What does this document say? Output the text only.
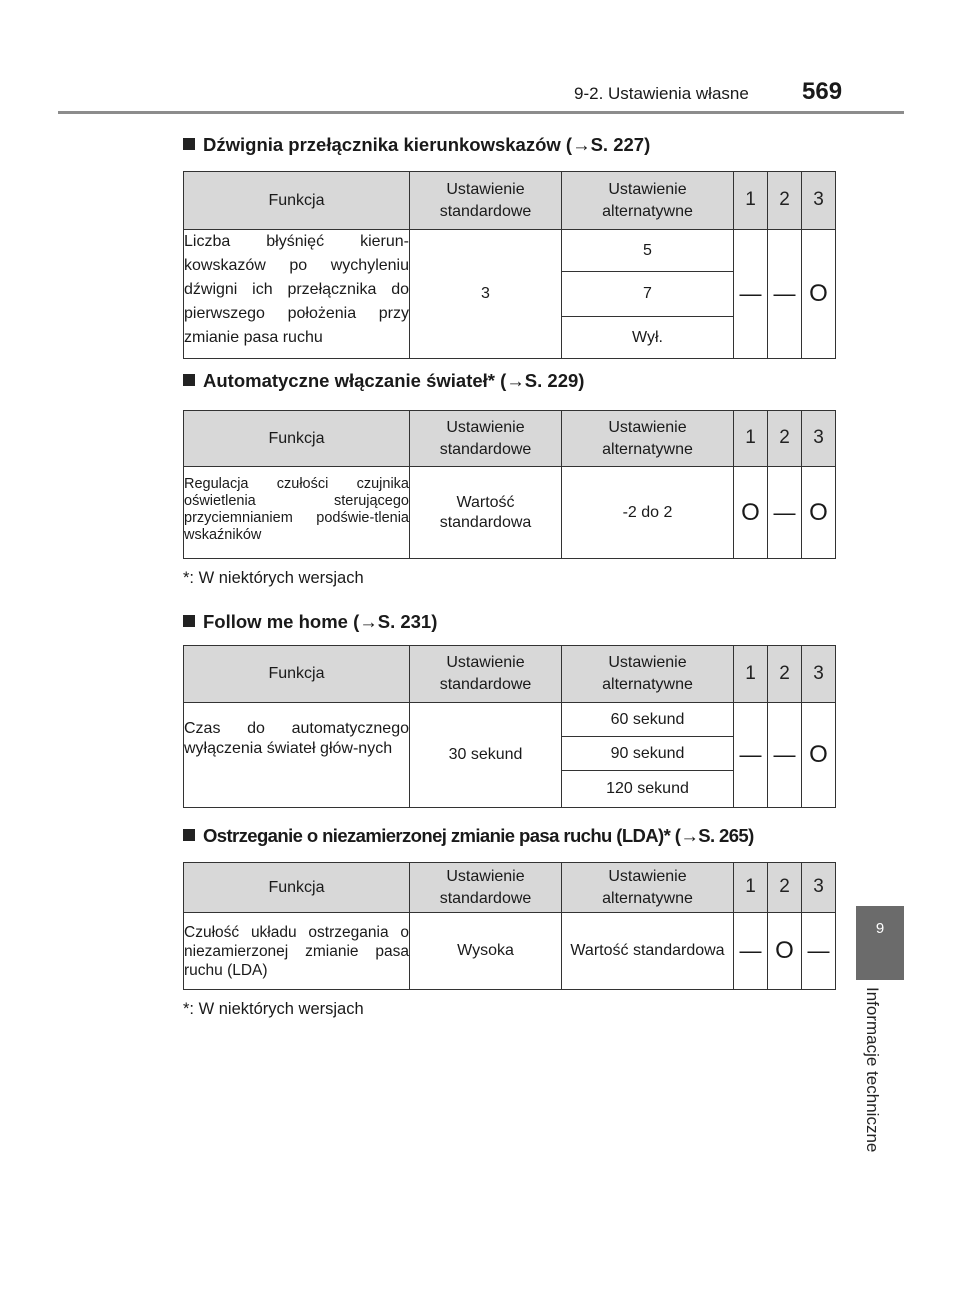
9-2. Ustawienia własne 569
9
Informacje techniczne
Dźwignia przełącznika kierunkowskazów (→S. 227)
Funkcja	Ustawienie standardowe	Ustawienie alternatywne	1	2	3
Liczba błyśnięć kierun-kowskazów po wychyleniu dźwigni ich przełącznika do pierwszego położenia przy zmianie pasa ruchu	3	5	—	—	O
		7			
		Wył.			
Automatyczne włączanie świateł* (→S. 229)
Funkcja	Ustawienie standardowe	Ustawienie alternatywne	1	2	3
Regulacja czułości czujnika oświetlenia sterującego przyciemnianiem podświe-tlenia wskaźników	Wartość standardowa	-2 do 2	O	—	O
*: W niektórych wersjach
Follow me home (→S. 231)
Funkcja	Ustawienie standardowe	Ustawienie alternatywne	1	2	3
Czas do automatycznego wyłączenia świateł głów-nych	30 sekund	60 sekund	—	—	O
		90 sekund			
		120 sekund			
Ostrzeganie o niezamierzonej zmianie pasa ruchu (LDA)* (→S. 265)
Funkcja	Ustawienie standardowe	Ustawienie alternatywne	1	2	3
Czułość układu ostrzegania o niezamierzonej zmianie pasa ruchu (LDA)	Wysoka	Wartość standardowa	—	O	—
*: W niektórych wersjach
